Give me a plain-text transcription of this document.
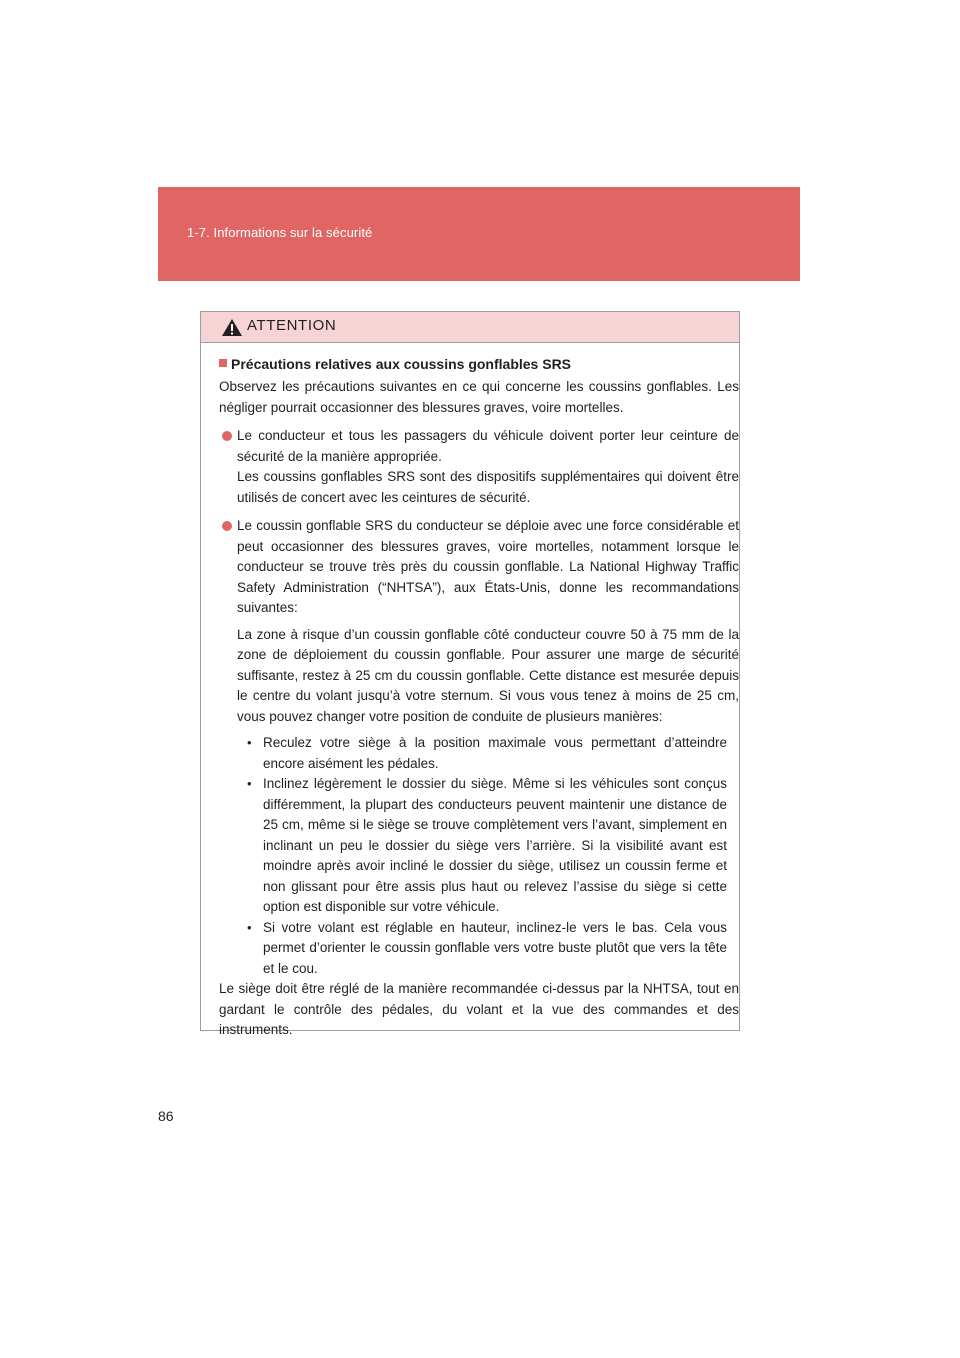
1-7. Informations sur la sécurité
ATTENTION
Précautions relatives aux coussins gonflables SRS
Observez les précautions suivantes en ce qui concerne les coussins gonflables. Les négliger pourrait occasionner des blessures graves, voire mortelles.
Le conducteur et tous les passagers du véhicule doivent porter leur ceinture de sécurité de la manière appropriée.
Les coussins gonflables SRS sont des dispositifs supplémentaires qui doivent être utilisés de concert avec les ceintures de sécurité.
Le coussin gonflable SRS du conducteur se déploie avec une force considérable et peut occasionner des blessures graves, voire mortelles, notamment lorsque le conducteur se trouve très près du coussin gonflable. La National Highway Traffic Safety Administration (“NHTSA”), aux États-Unis, donne les recommandations suivantes:
La zone à risque d’un coussin gonflable côté conducteur couvre 50 à 75 mm de la zone de déploiement du coussin gonflable. Pour assurer une marge de sécurité suffisante, restez à 25 cm du coussin gonflable. Cette distance est mesurée depuis le centre du volant jusqu’à votre sternum. Si vous vous tenez à moins de 25 cm, vous pouvez changer votre position de conduite de plusieurs manières:
• Reculez votre siège à la position maximale vous permettant d’atteindre encore aisément les pédales.
• Inclinez légèrement le dossier du siège. Même si les véhicules sont conçus différemment, la plupart des conducteurs peuvent maintenir une distance de 25 cm, même si le siège se trouve complètement vers l’avant, simplement en inclinant un peu le dossier du siège vers l’arrière. Si la visibilité avant est moindre après avoir incliné le dossier du siège, utilisez un coussin ferme et non glissant pour être assis plus haut ou relevez l’assise du siège si cette option est disponible sur votre véhicule.
• Si votre volant est réglable en hauteur, inclinez-le vers le bas. Cela vous permet d’orienter le coussin gonflable vers votre buste plutôt que vers la tête et le cou.
Le siège doit être réglé de la manière recommandée ci-dessus par la NHTSA, tout en gardant le contrôle des pédales, du volant et la vue des commandes et des instruments.
86
